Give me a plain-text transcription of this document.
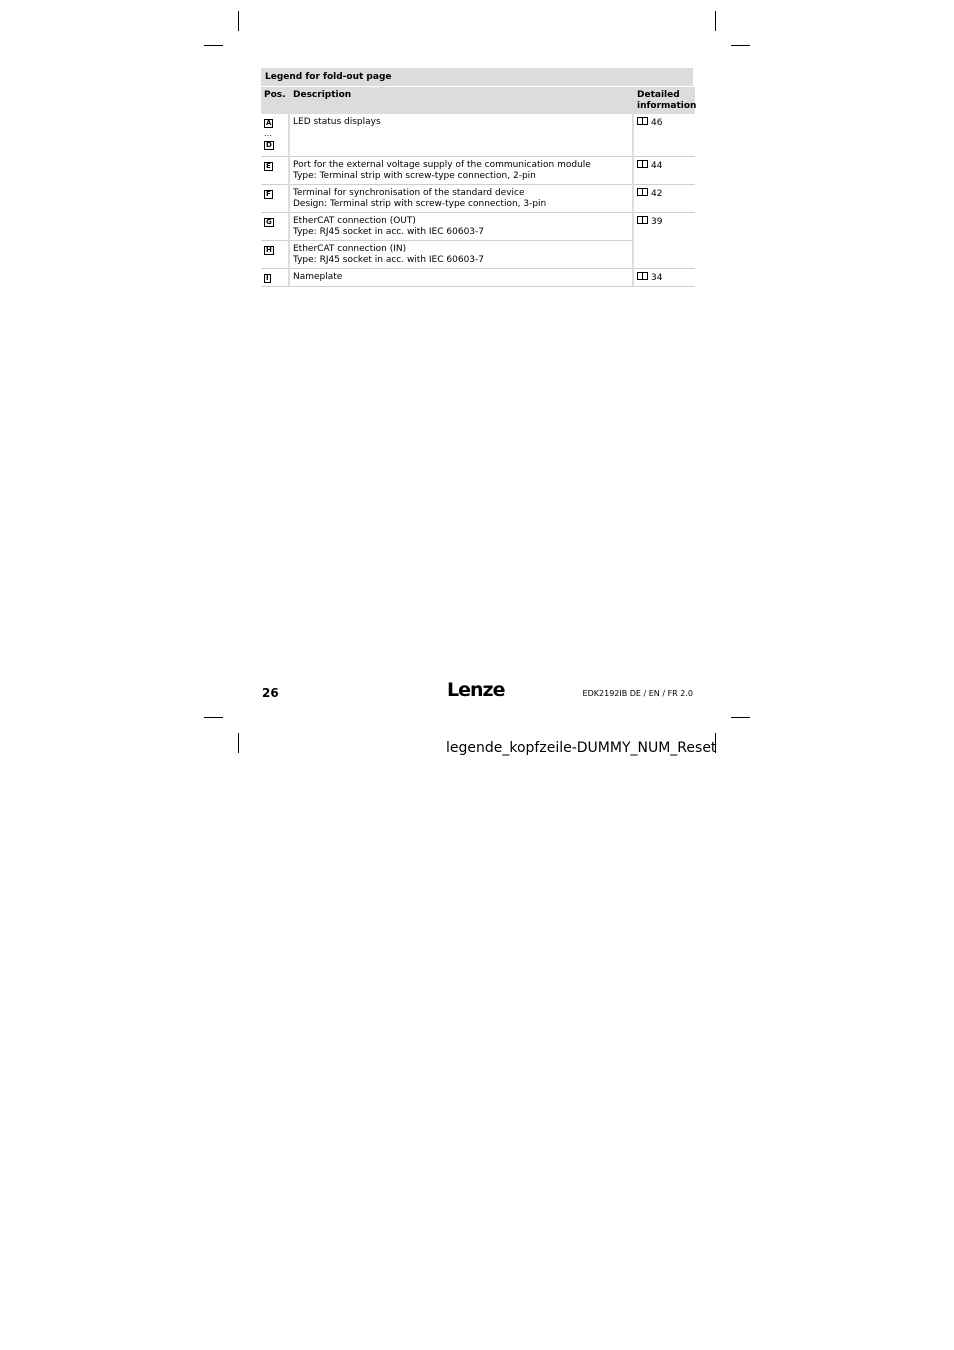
Legend for fold-out page
Pos.	Description	Detailed information
A
...
D	LED status displays	46
E	Port for the external voltage supply of the communication module
Type: Terminal strip with screw-type connection, 2-pin	44
F	Terminal for synchronisation of the standard device
Design: Terminal strip with screw-type connection, 3-pin	42
G	EtherCAT connection (OUT)
Type: RJ45 socket in acc. with IEC 60603-7	39
H	EtherCAT connection (IN)
Type: RJ45 socket in acc. with IEC 60603-7	

I	Nameplate	34
26	Lenze	EDK2192IB DE / EN / FR 2.0
legende_kopfzeile-DUMMY_NUM_Reset
